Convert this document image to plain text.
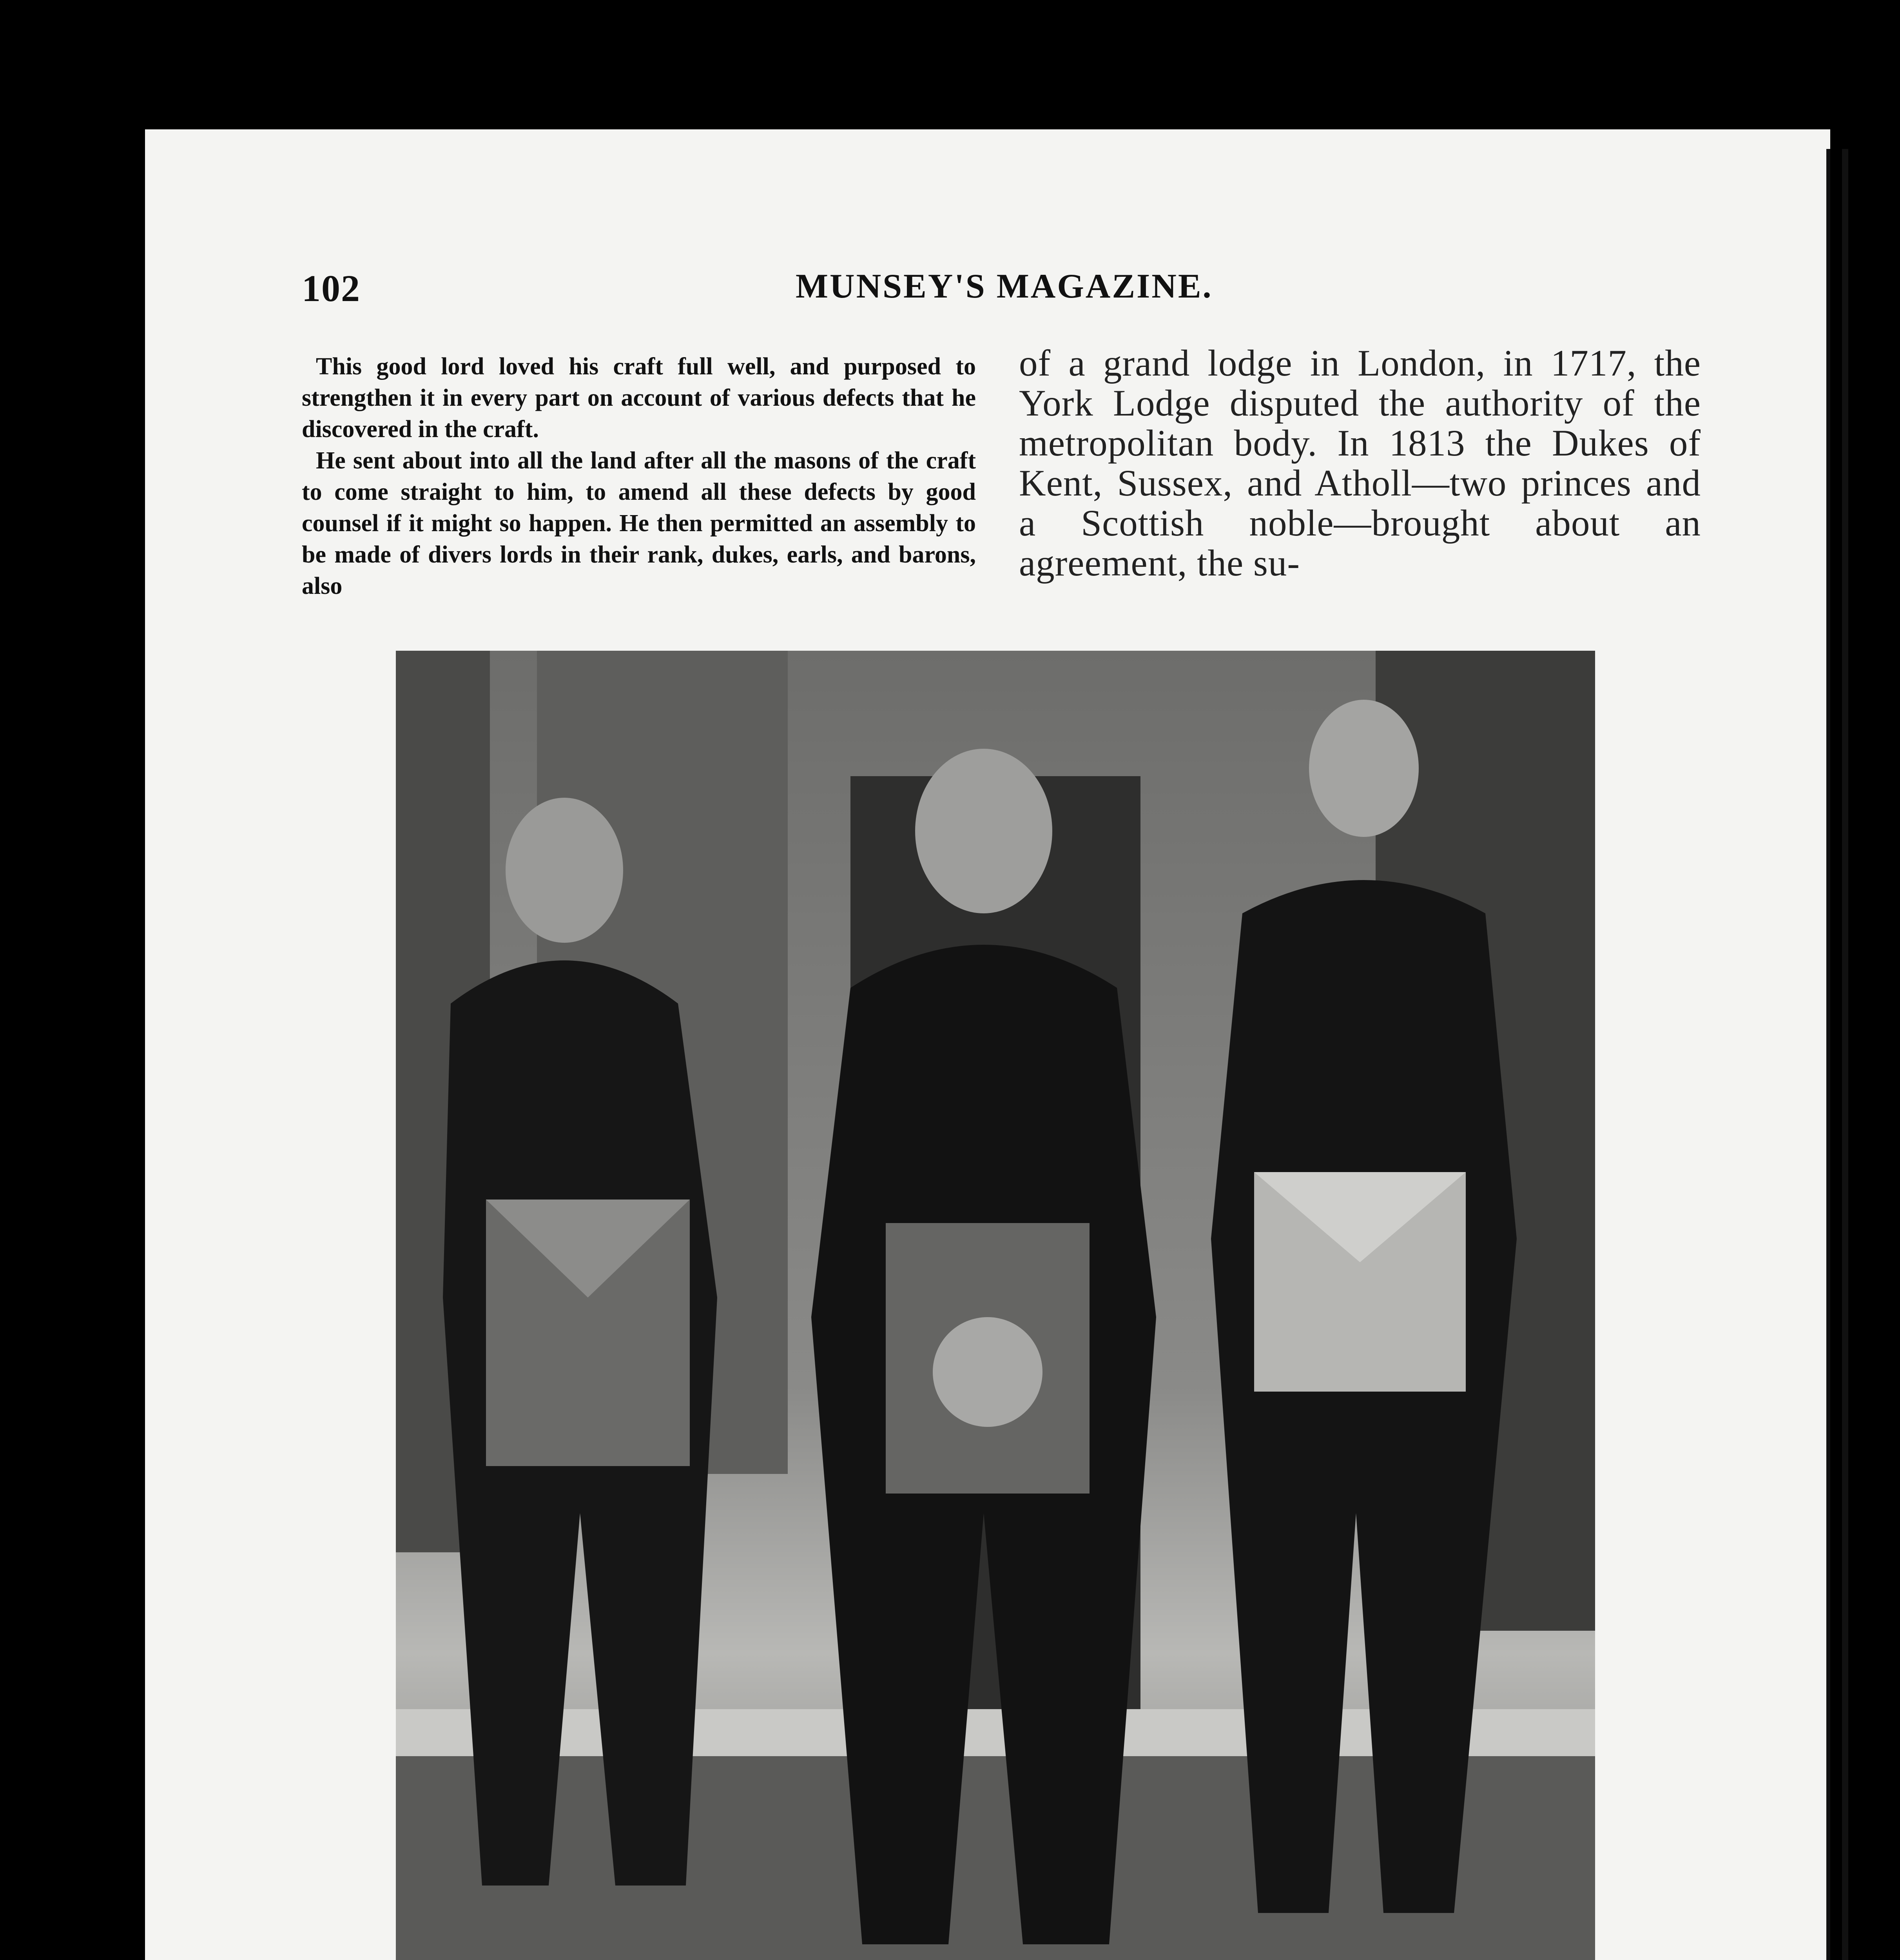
102	MUNSEY'S MAGAZINE.

This good lord loved his craft full well, and purposed to strengthen it in every part on account of various defects that he discovered in the craft.

He sent about into all the land after all the masons of the craft to come straight to him, to amend all these defects by good counsel if it might so happen. He then permitted an assembly to be made of divers lords in their rank, dukes, earls, and barons, also

of a grand lodge in London, in 1717, the York Lodge disputed the authority of the metropolitan body. In 1813 the Dukes of Kent, Sussex, and Atholl—two princes and a Scottish noble—brought about an agreement, the su-
